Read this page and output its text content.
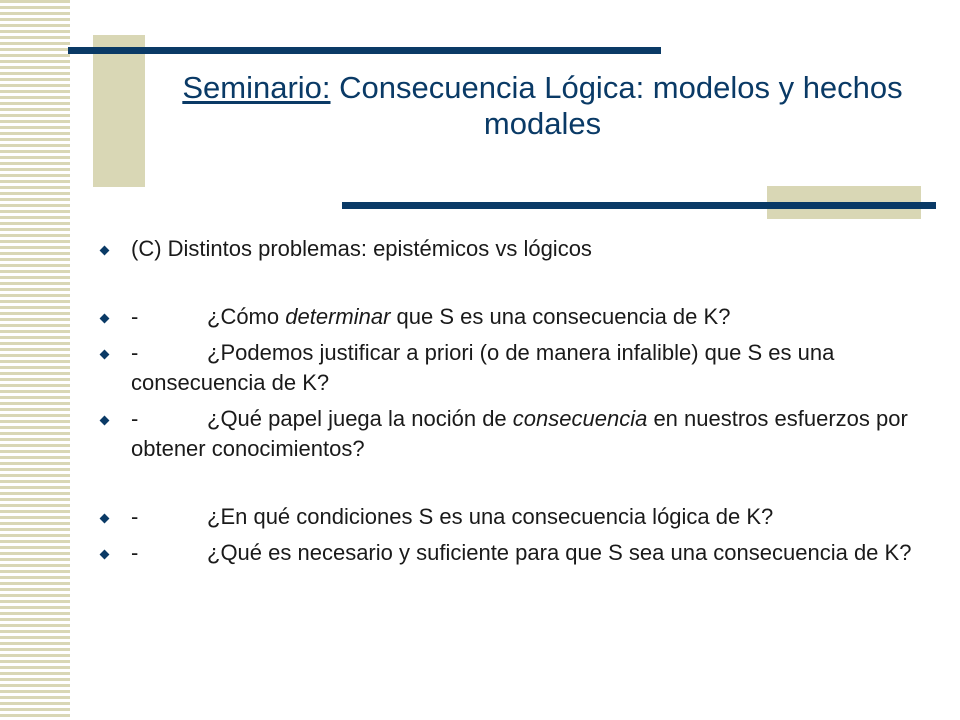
Seminario: Consecuencia Lógica: modelos y hechos modales
(C) Distintos problemas: epistémicos vs lógicos
-	¿Cómo determinar que S es una consecuencia de K?
-	¿Podemos justificar a priori (o de manera infalible) que S es una consecuencia de K?
-	¿Qué papel juega la noción de consecuencia en nuestros esfuerzos por obtener conocimientos?
-	¿En qué condiciones S es una consecuencia lógica de K?
-	¿Qué es necesario y suficiente para que S sea una consecuencia de K?
